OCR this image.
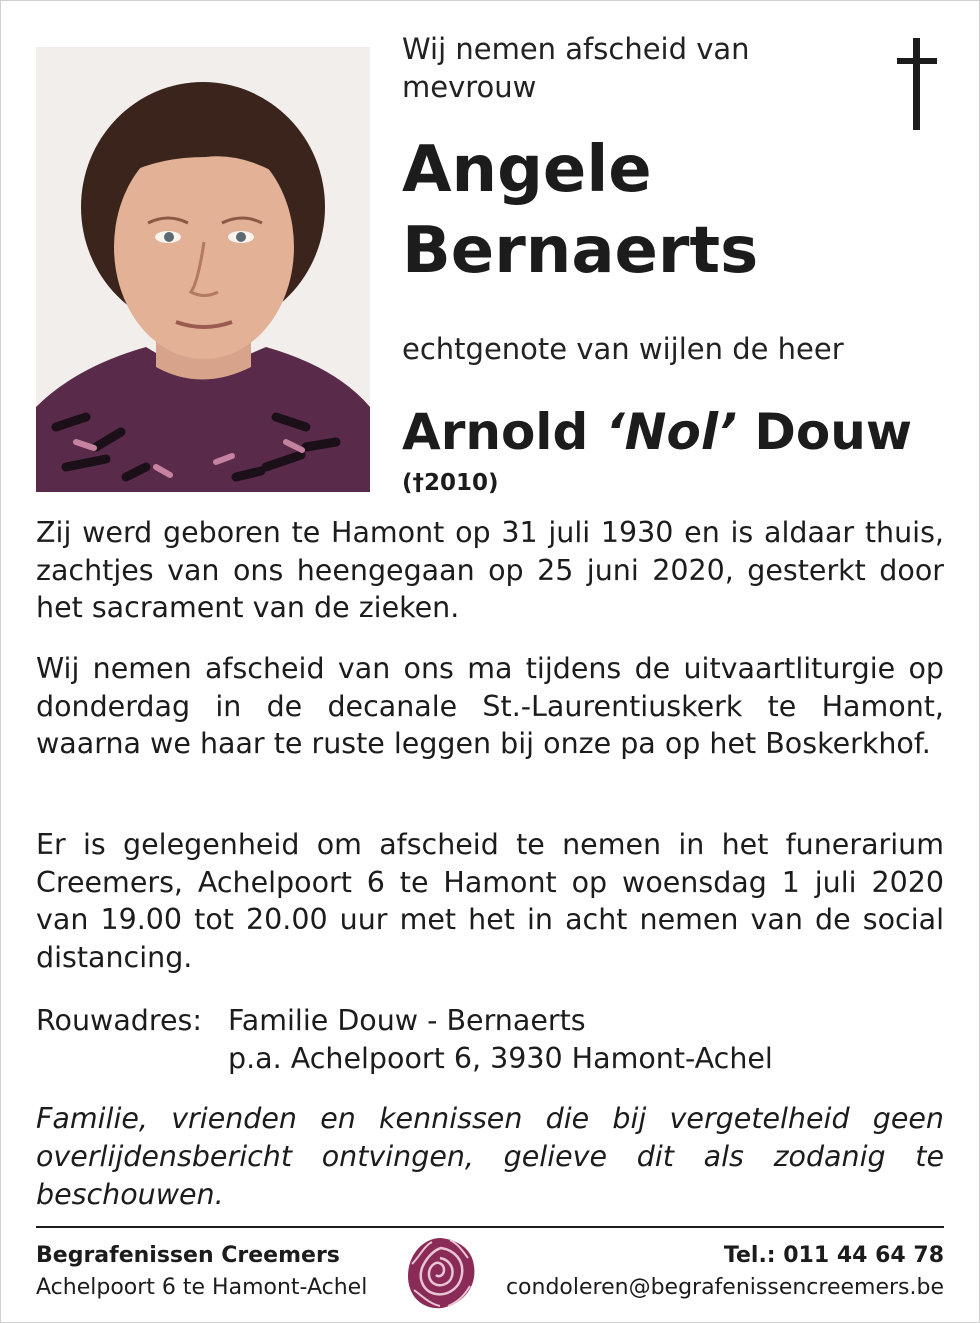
Wij nemen afscheid van
mevrouw
Angele
Bernaerts
echtgenote van wijlen de heer
Arnold ‘Nol’ Douw
(†2010)

Zij werd geboren te Hamont op 31 juli 1930 en is aldaar thuis, zachtjes van ons heengegaan op 25 juni 2020, gesterkt door het sacrament van de zieken.

Wij nemen afscheid van ons ma tijdens de uitvaartliturgie op donderdag in de decanale St.-Laurentiuskerk te Hamont, waarna we haar te ruste leggen bij onze pa op het Boskerkhof.

Er is gelegenheid om afscheid te nemen in het funerarium Creemers, Achelpoort 6 te Hamont op woensdag 1 juli 2020 van 19.00 tot 20.00 uur met het in acht nemen van de social distancing.

Rouwadres: Familie Douw - Bernaerts
p.a. Achelpoort 6, 3930 Hamont-Achel

Familie, vrienden en kennissen die bij vergetelheid geen overlijdensbericht ontvingen, gelieve dit als zodanig te beschouwen.

Begrafenissen Creemers
Achelpoort 6 te Hamont-Achel
Tel.: 011 44 64 78
condoleren@begrafenissencreemers.be
